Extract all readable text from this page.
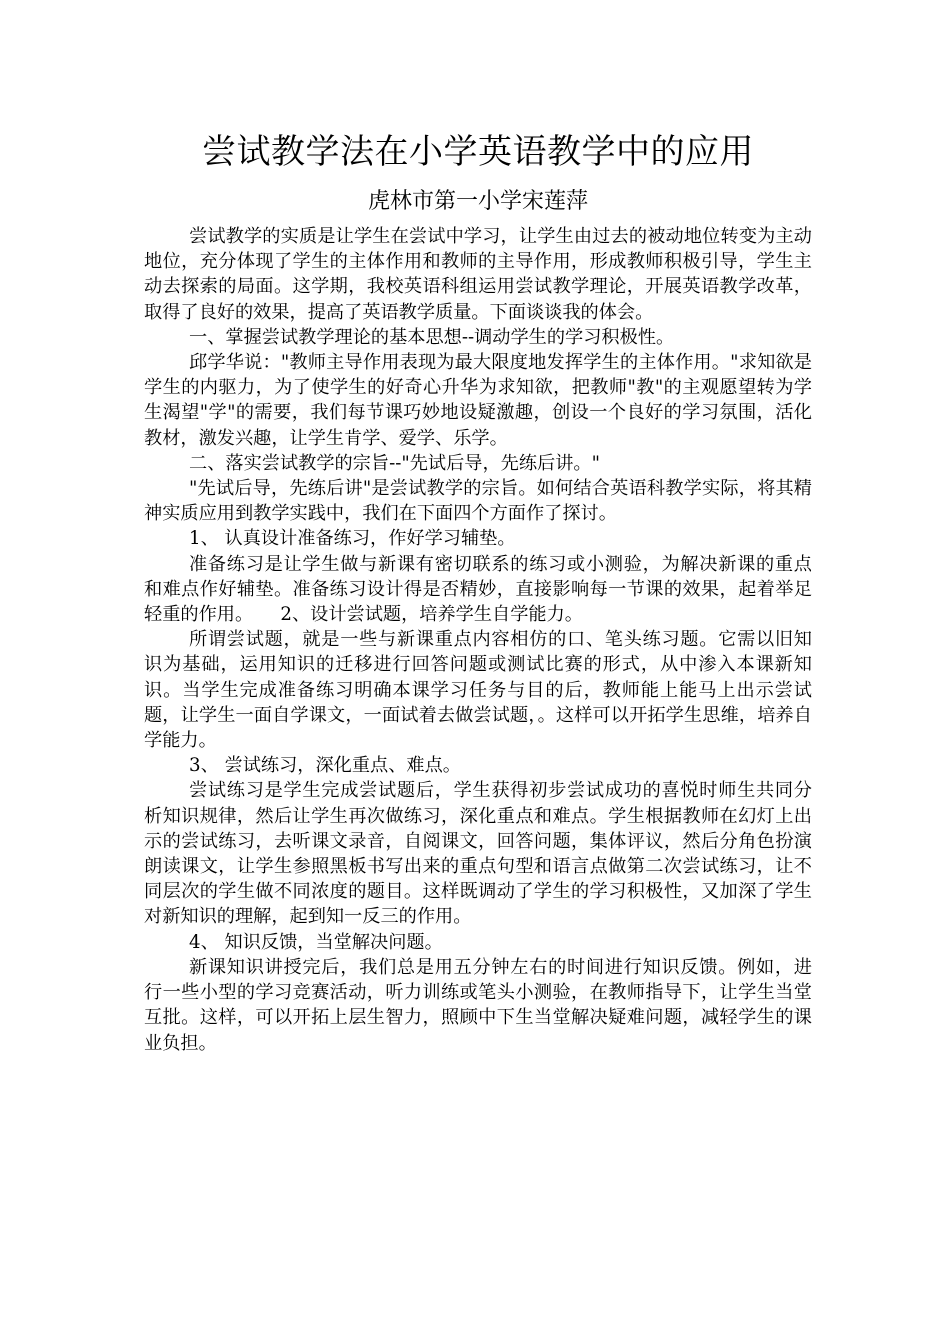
尝试教学法在小学英语教学中的应用
虎林市第一小学宋莲萍

尝试教学的实质是让学生在尝试中学习，让学生由过去的被动地位转变为主动地位，充分体现了学生的主体作用和教师的主导作用，形成教师积极引导，学生主动去探索的局面。这学期，我校英语科组运用尝试教学理论，开展英语教学改革，取得了良好的效果，提高了英语教学质量。下面谈谈我的体会。

一、掌握尝试教学理论的基本思想--调动学生的学习积极性。

邱学华说："教师主导作用表现为最大限度地发挥学生的主体作用。"求知欲是学生的内驱力，为了使学生的好奇心升华为求知欲，把教师"教"的主观愿望转为学生渴望"学"的需要，我们每节课巧妙地设疑激趣，创设一个良好的学习氛围，活化教材，激发兴趣，让学生肯学、爱学、乐学。

二、落实尝试教学的宗旨--"先试后导，先练后讲。"

"先试后导，先练后讲"是尝试教学的宗旨。如何结合英语科教学实际，将其精神实质应用到教学实践中，我们在下面四个方面作了探讨。

1、 认真设计准备练习，作好学习辅垫。

准备练习是让学生做与新课有密切联系的练习或小测验，为解决新课的重点 和难点作好辅垫。准备练习设计得是否精妙，直接影响每一节课的效果，起着举足轻重的作用。　　2、设计尝试题，培养学生自学能力。

所谓尝试题，就是一些与新课重点内容相仿的口、笔头练习题。它需以旧知 识为基础，运用知识的迁移进行回答问题或测试比赛的形式，从中渗入本课新知识。当学生完成准备练习明确本课学习任务与目的后，教师能上能马上出示尝试题，让学生一面自学课文，一面试着去做尝试题，。这样可以开拓学生思维，培养自学能力。

3、 尝试练习，深化重点、难点。

尝试练习是学生完成尝试题后，学生获得初步尝试成功的喜悦时师生共同分 析知识规律，然后让学生再次做练习，深化重点和难点。学生根据教师在幻灯上出示的尝试练习，去听课文录音，自阅课文，回答问题，集体评议，然后分角色扮演朗读课文，让学生参照黑板书写出来的重点句型和语言点做第二次尝试练习，让不同层次的学生做不同浓度的题目。这样既调动了学生的学习积极性，又加深了学生对新知识的理解，起到知一反三的作用。

4、 知识反馈，当堂解决问题。

新课知识讲授完后，我们总是用五分钟左右的时间进行知识反馈。例如，进 行一些小型的学习竞赛活动，听力训练或笔头小测验，在教师指导下，让学生当堂互批。这样，可以开拓上层生智力，照顾中下生当堂解决疑难问题，减轻学生的课业负担。
